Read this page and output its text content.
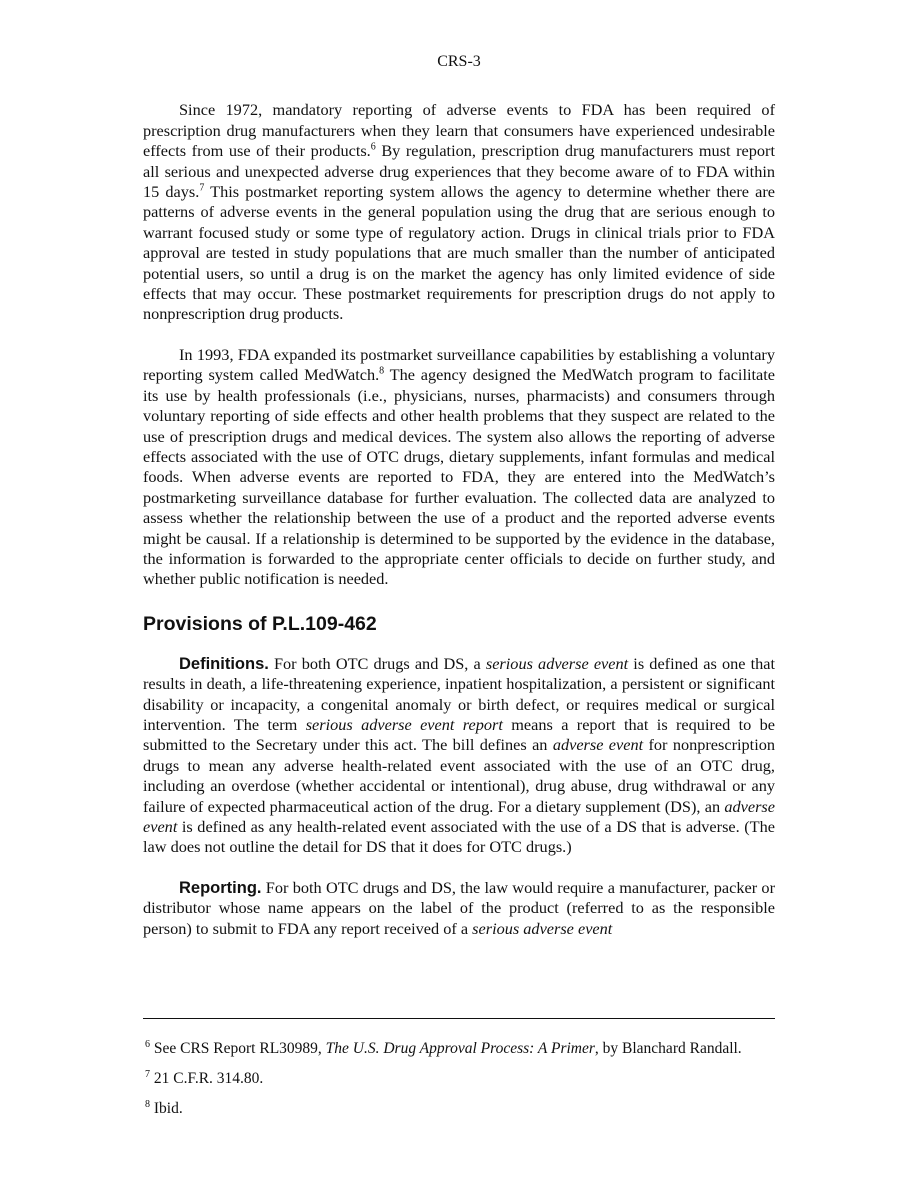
CRS-3

Since 1972, mandatory reporting of adverse events to FDA has been required of prescription drug manufacturers when they learn that consumers have experienced undesirable effects from use of their products.$^6$ By regulation, prescription drug manufacturers must report all serious and unexpected adverse drug experiences that they become aware of to FDA within 15 days.$^7$ This postmarket reporting system allows the agency to determine whether there are patterns of adverse events in the general population using the drug that are serious enough to warrant focused study or some type of regulatory action. Drugs in clinical trials prior to FDA approval are tested in study populations that are much smaller than the number of anticipated potential users, so until a drug is on the market the agency has only limited evidence of side effects that may occur. These postmarket requirements for prescription drugs do not apply to nonprescription drug products.

In 1993, FDA expanded its postmarket surveillance capabilities by establishing a voluntary reporting system called MedWatch.$^8$ The agency designed the MedWatch program to facilitate its use by health professionals (i.e., physicians, nurses, pharmacists) and consumers through voluntary reporting of side effects and other health problems that they suspect are related to the use of prescription drugs and medical devices. The system also allows the reporting of adverse effects associated with the use of OTC drugs, dietary supplements, infant formulas and medical foods. When adverse events are reported to FDA, they are entered into the MedWatch’s postmarketing surveillance database for further evaluation. The collected data are analyzed to assess whether the relationship between the use of a product and the reported adverse events might be causal. If a relationship is determined to be supported by the evidence in the database, the information is forwarded to the appropriate center officials to decide on further study, and whether public notification is needed.

Provisions of P.L.109-462

Definitions. For both OTC drugs and DS, a serious adverse event is defined as one that results in death, a life-threatening experience, inpatient hospitalization, a persistent or significant disability or incapacity, a congenital anomaly or birth defect, or requires medical or surgical intervention. The term serious adverse event report means a report that is required to be submitted to the Secretary under this act. The bill defines an adverse event for nonprescription drugs to mean any adverse health-related event associated with the use of an OTC drug, including an overdose (whether accidental or intentional), drug abuse, drug withdrawal or any failure of expected pharmaceutical action of the drug. For a dietary supplement (DS), an adverse event is defined as any health-related event associated with the use of a DS that is adverse. (The law does not outline the detail for DS that it does for OTC drugs.)

Reporting. For both OTC drugs and DS, the law would require a manufacturer, packer or distributor whose name appears on the label of the product (referred to as the responsible person) to submit to FDA any report received of a serious adverse event

$^6$ See CRS Report RL30989, The U.S. Drug Approval Process: A Primer, by Blanchard Randall.
$^7$ 21 C.F.R. 314.80.
$^8$ Ibid.
